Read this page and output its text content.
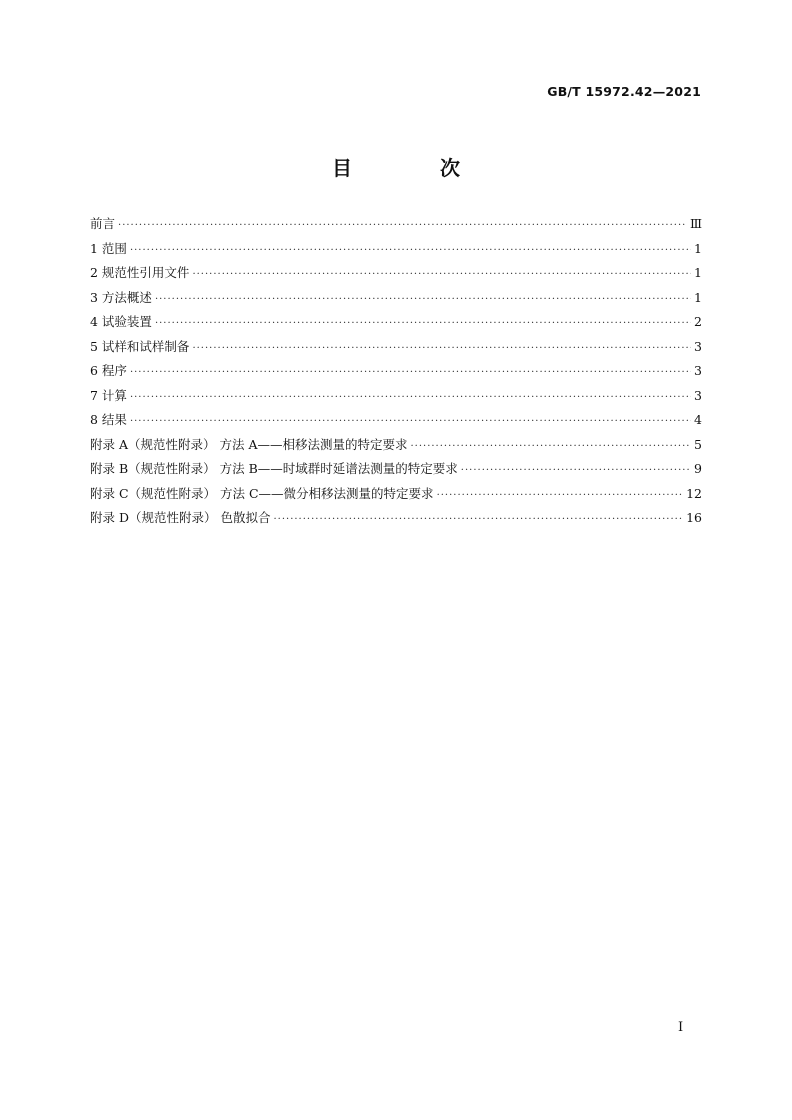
GB/T 15972.42—2021
目　次
前言 ·····	Ⅲ
1 范围 ·····	1
2 规范性引用文件 ·····	1
3 方法概述 ·····	1
4 试验装置 ·····	2
5 试样和试样制备 ·····	3
6 程序 ·····	3
7 计算 ·····	3
8 结果 ·····	4
附录 A（规范性附录） 方法 A——相移法测量的特定要求 ·····	5
附录 B（规范性附录） 方法 B——时域群时延谱法测量的特定要求 ·····	9
附录 C（规范性附录） 方法 C——微分相移法测量的特定要求 ·····	12
附录 D（规范性附录） 色散拟合 ·····	16
I
